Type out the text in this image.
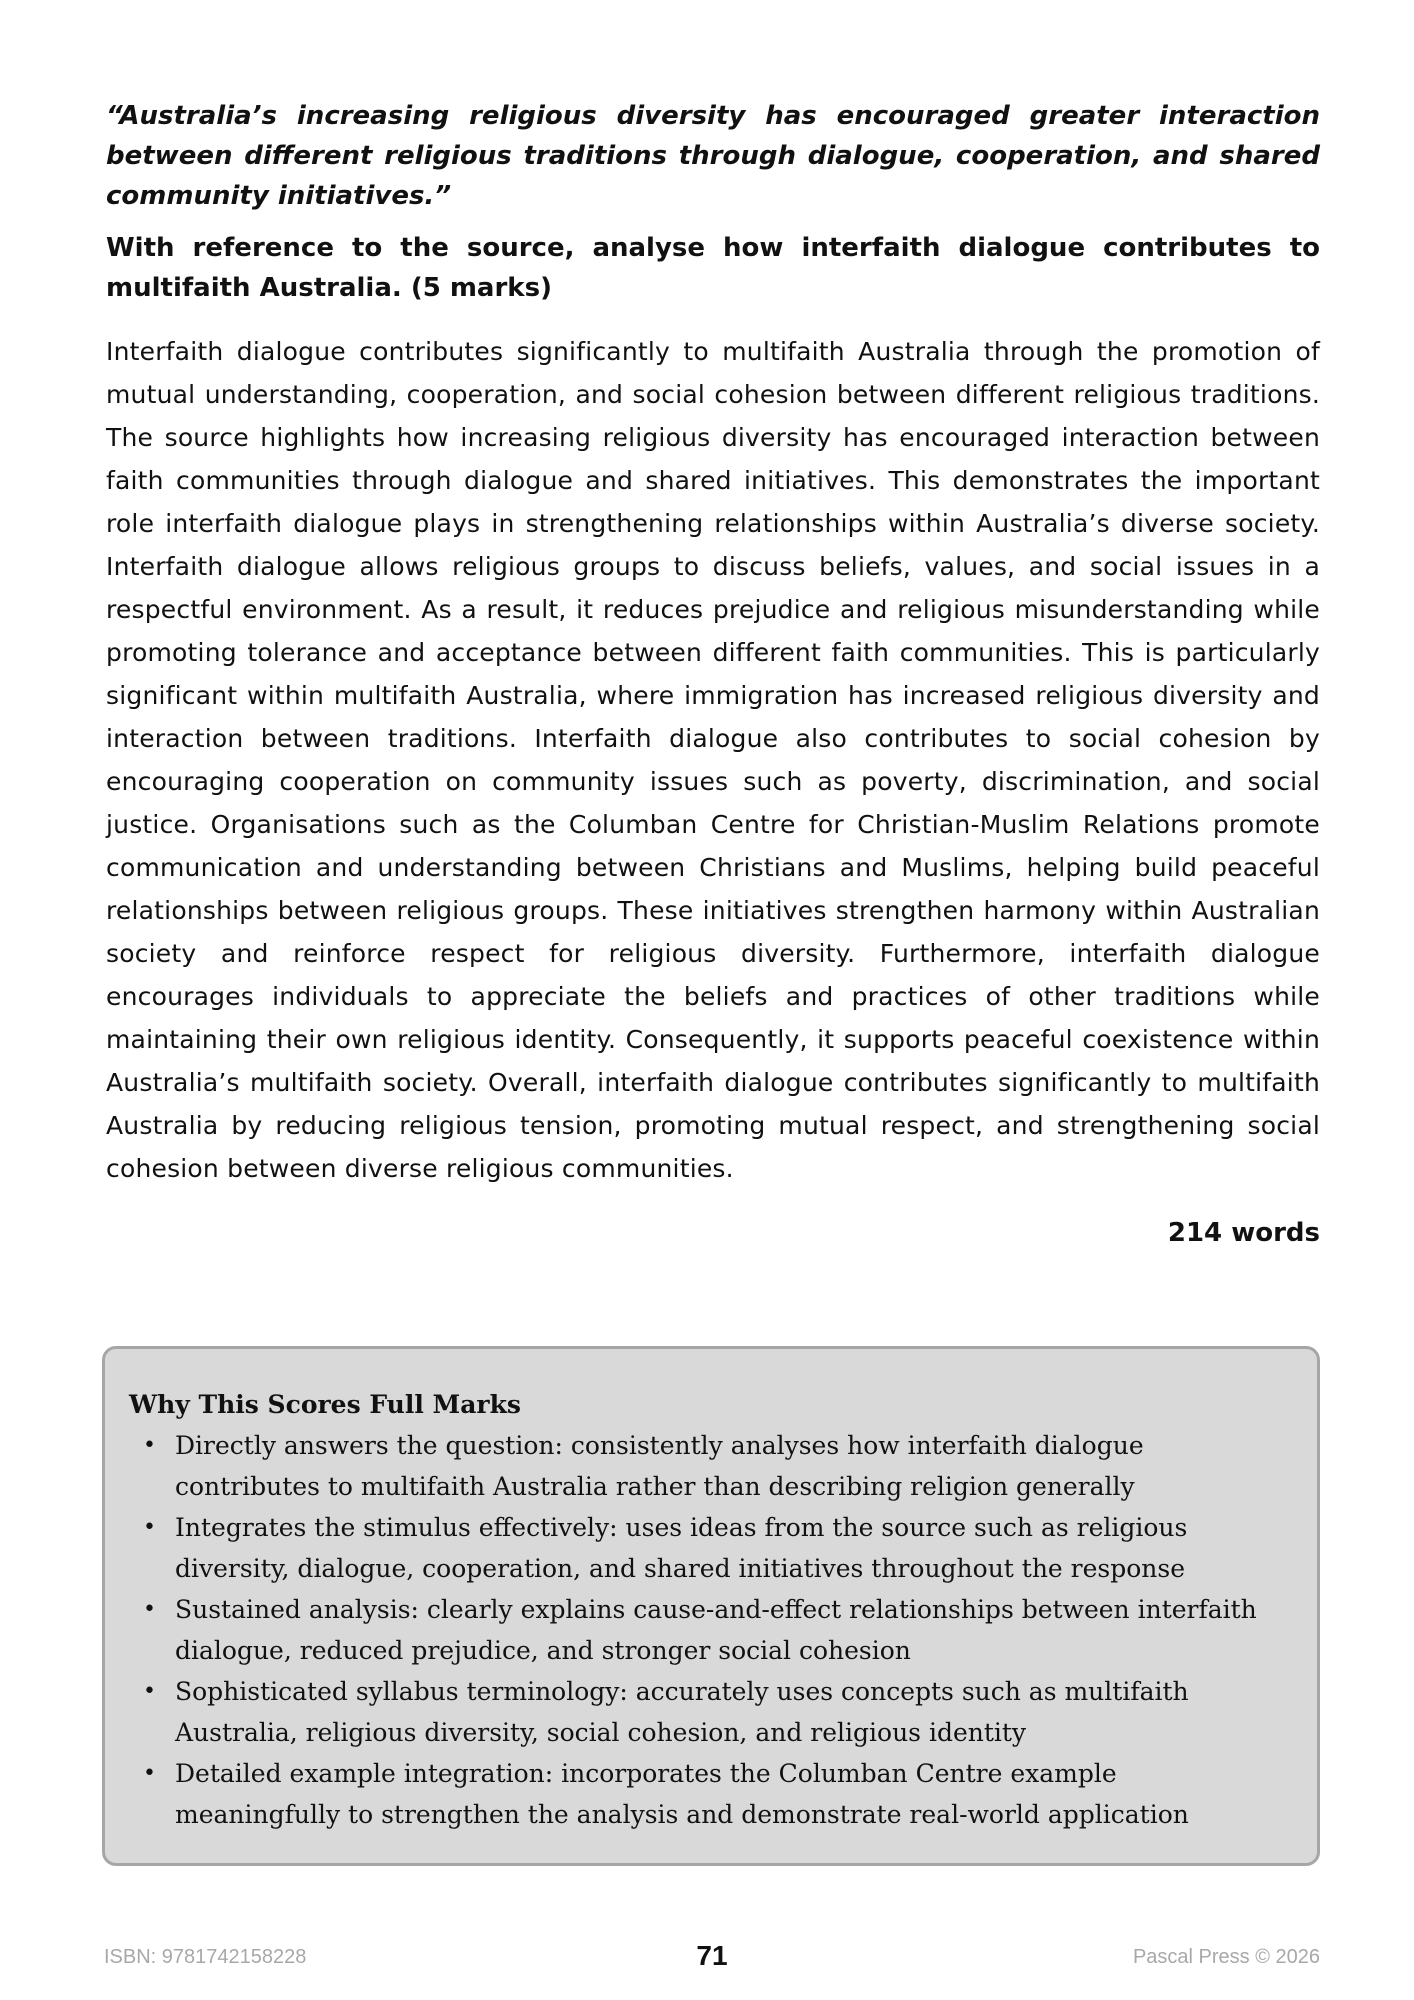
“Australia’s increasing religious diversity has encouraged greater interaction between different religious traditions through dialogue, cooperation, and shared community initiatives.”

With reference to the source, analyse how interfaith dialogue contributes to multifaith Australia. (5 marks)

Interfaith dialogue contributes significantly to multifaith Australia through the promotion of mutual understanding, cooperation, and social cohesion between different religious traditions. The source highlights how increasing religious diversity has encouraged interaction between faith communities through dialogue and shared initiatives. This demonstrates the important role interfaith dialogue plays in strengthening relationships within Australia’s diverse society. Interfaith dialogue allows religious groups to discuss beliefs, values, and social issues in a respectful environment. As a result, it reduces prejudice and religious misunderstanding while promoting tolerance and acceptance between different faith communities. This is particularly significant within multifaith Australia, where immigration has increased religious diversity and interaction between traditions. Interfaith dialogue also contributes to social cohesion by encouraging cooperation on community issues such as poverty, discrimination, and social justice. Organisations such as the Columban Centre for Christian-Muslim Relations promote communication and understanding between Christians and Muslims, helping build peaceful relationships between religious groups. These initiatives strengthen harmony within Australian society and reinforce respect for religious diversity. Furthermore, interfaith dialogue encourages individuals to appreciate the beliefs and practices of other traditions while maintaining their own religious identity. Consequently, it supports peaceful coexistence within Australia’s multifaith society. Overall, interfaith dialogue contributes significantly to multifaith Australia by reducing religious tension, promoting mutual respect, and strengthening social cohesion between diverse religious communities.

214 words

Why This Scores Full Marks

• Directly answers the question: consistently analyses how interfaith dialogue contributes to multifaith Australia rather than describing religion generally
• Integrates the stimulus effectively: uses ideas from the source such as religious diversity, dialogue, cooperation, and shared initiatives throughout the response
• Sustained analysis: clearly explains cause-and-effect relationships between interfaith dialogue, reduced prejudice, and stronger social cohesion
• Sophisticated syllabus terminology: accurately uses concepts such as multifaith Australia, religious diversity, social cohesion, and religious identity
• Detailed example integration: incorporates the Columban Centre example meaningfully to strengthen the analysis and demonstrate real-world application
ISBN: 9781742158228	71	Pascal Press © 2026
